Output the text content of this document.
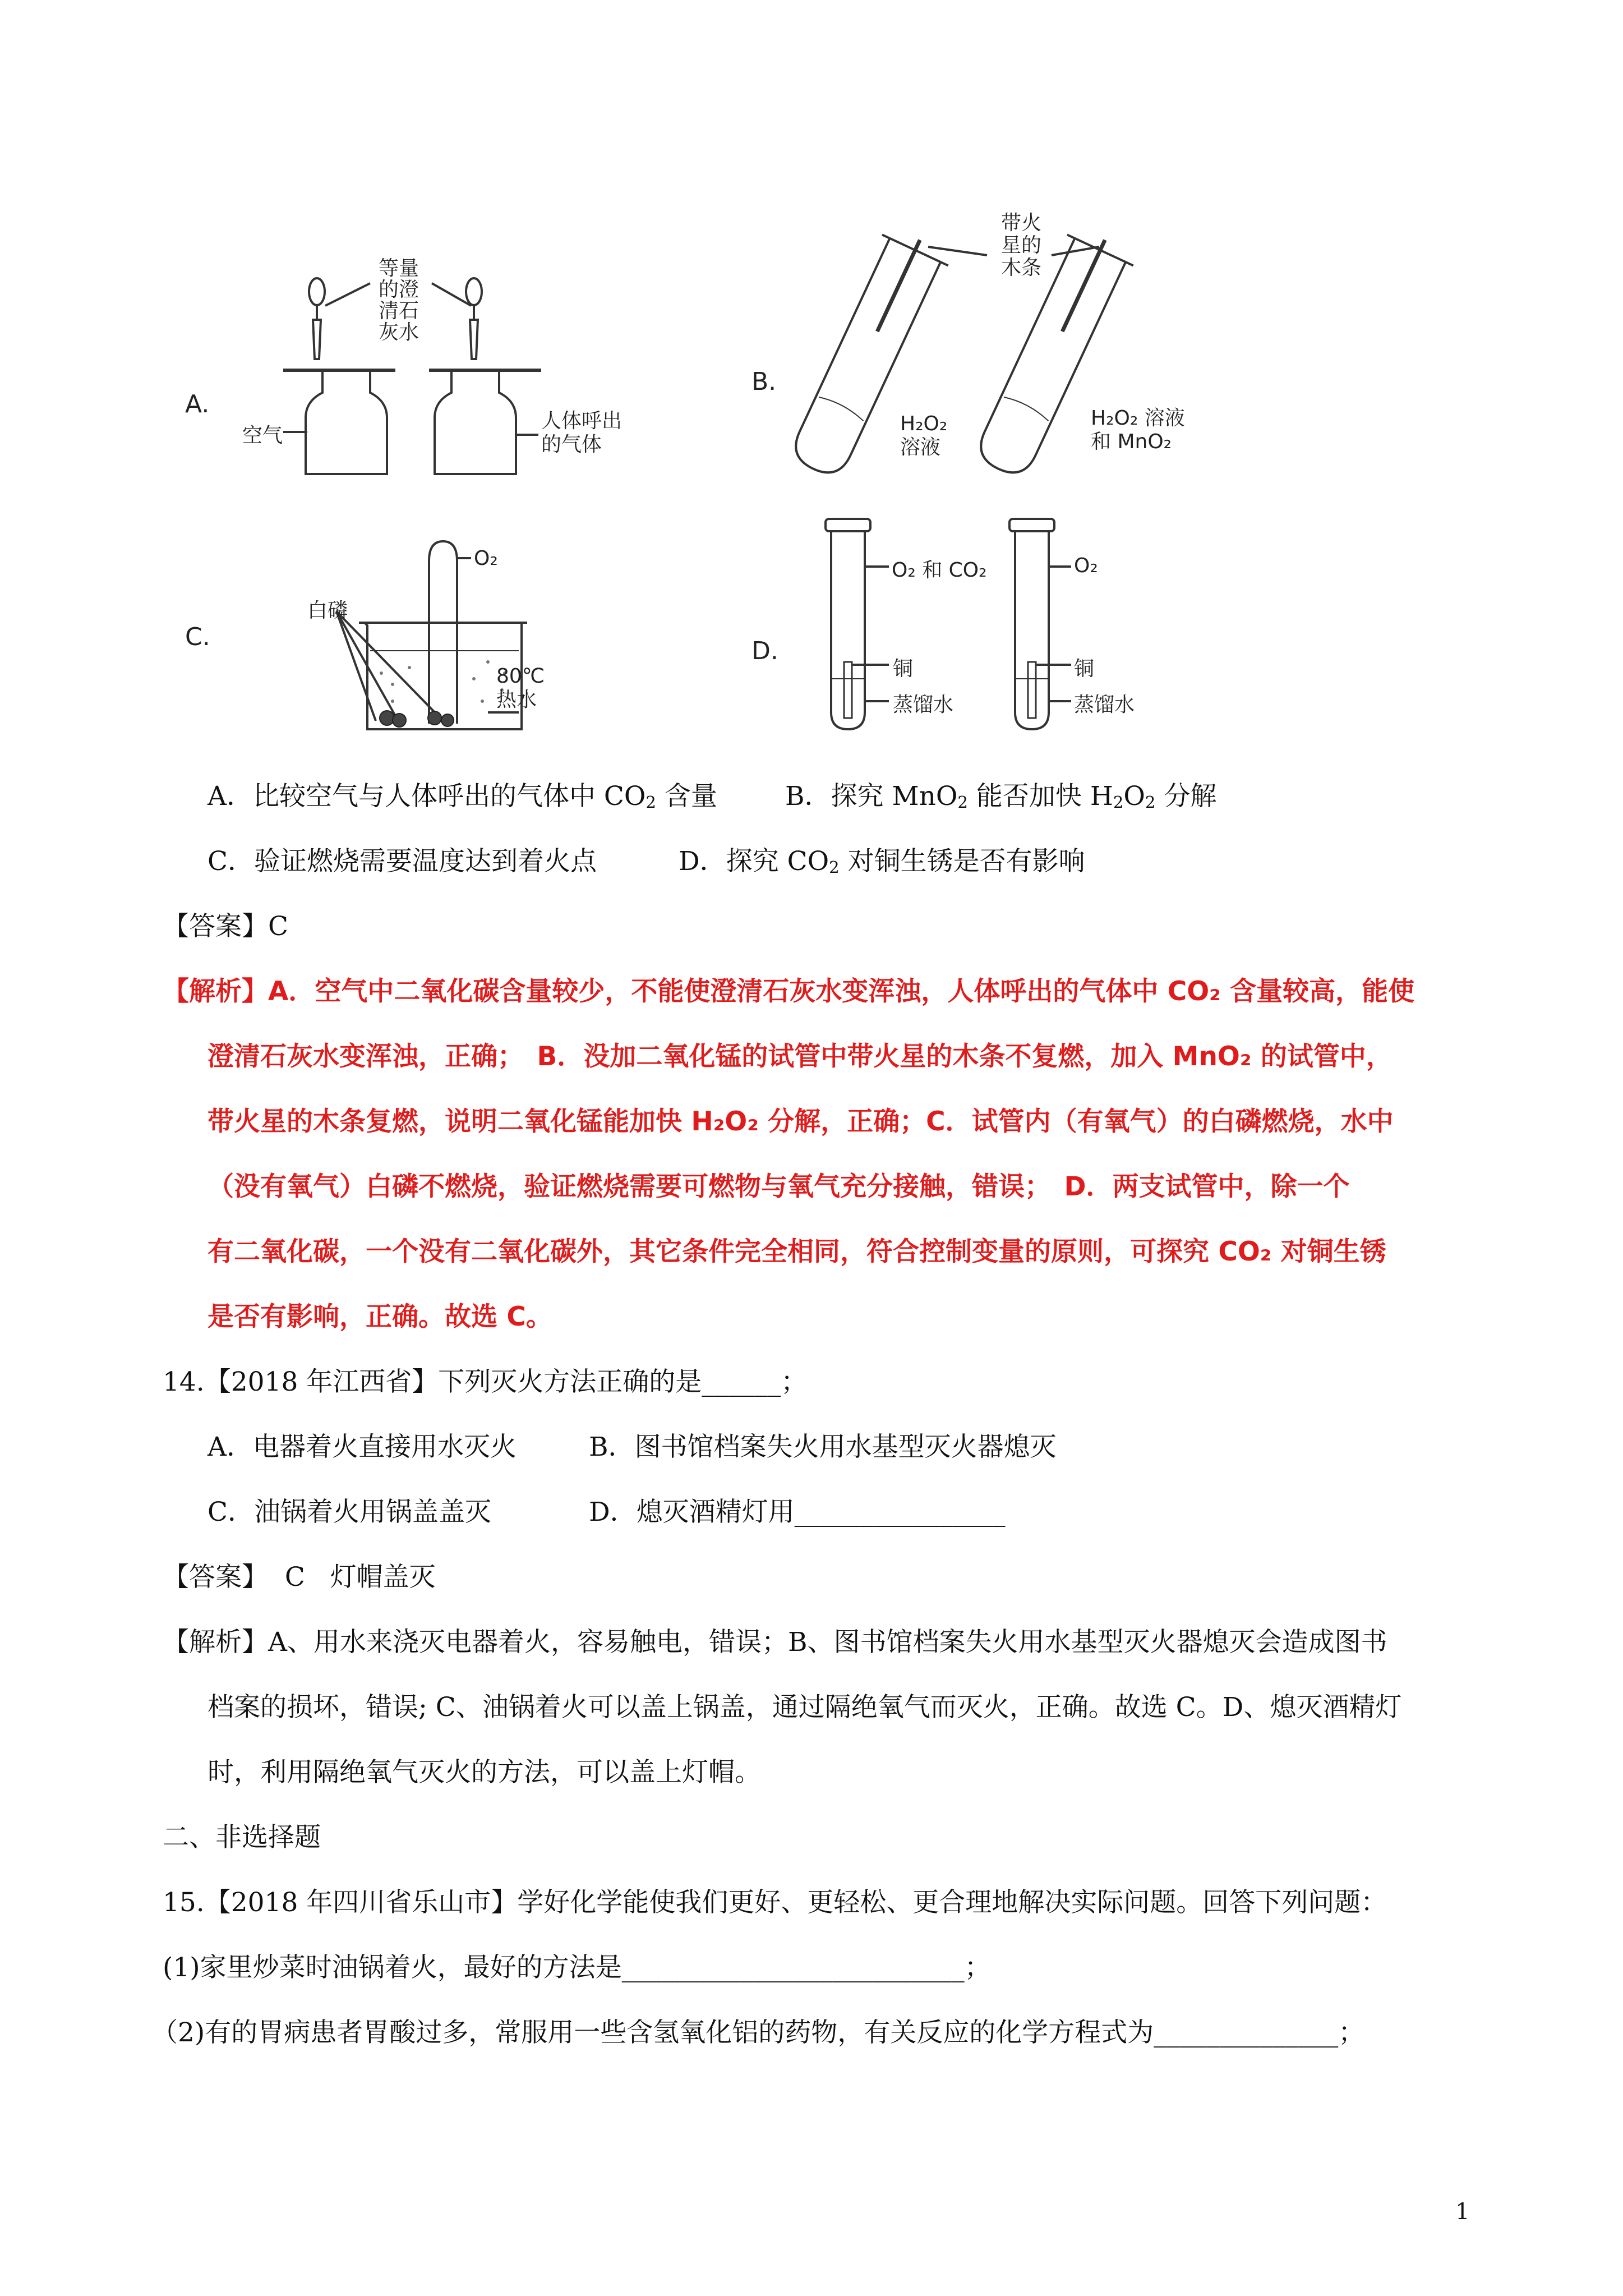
A.
B.
C.	D.
等量
的澄
清石
灰水
空气
人体呼出
的气体
带火
星的
木条
H₂O₂
溶液
H₂O₂ 溶液
和 MnO₂
白磷
O₂
80℃
热水
O₂ 和 CO₂	O₂
铜
蒸馏水
铜
蒸馏水
A．比较空气与人体呼出的气体中 $CO_2$ 含量	B．探究 MnO$_2$ 能否加快 $H_2O_2$ 分解
C．验证燃烧需要温度达到着火点	D．探究 $CO_2$ 对铜生锈是否有影响
【答案】C
【解析】A．空气中二氧化碳含量较少，不能使澄清石灰水变浑浊，人体呼出的气体中 CO₂ 含量较高，能使
澄清石灰水变浑浊，正确；　B．没加二氧化锰的试管中带火星的木条不复燃，加入 MnO₂ 的试管中，
带火星的木条复燃，说明二氧化锰能加快 H₂O₂ 分解，正确；C．试管内（有氧气）的白磷燃烧，水中
（没有氧气）白磷不燃烧，验证燃烧需要可燃物与氧气充分接触，错误；　D．两支试管中，除一个
有二氧化碳，一个没有二氧化碳外，其它条件完全相同，符合控制变量的原则，可探究 CO₂ 对铜生锈
是否有影响，正确。故选 C。
14.【2018 年江西省】下列灭火方法正确的是______；
A．电器着火直接用水灭火	B．图书馆档案失火用水基型灭火器熄灭
C．油锅着火用锅盖盖灭	D．熄灭酒精灯用________________
【答案】  C   灯帽盖灭
【解析】A、用水来浇灭电器着火，容易触电，错误；B、图书馆档案失火用水基型灭火器熄灭会造成图书
档案的损坏，错误; C、油锅着火可以盖上锅盖，通过隔绝氧气而灭火，正确。故选 C。D、熄灭酒精灯
时，利用隔绝氧气灭火的方法，可以盖上灯帽。
二、非选择题
15.【2018 年四川省乐山市】学好化学能使我们更好、更轻松、更合理地解决实际问题。回答下列问题：
(1)家里炒菜时油锅着火，最好的方法是__________________________；
（2)有的胃病患者胃酸过多，常服用一些含氢氧化铝的药物，有关反应的化学方程式为______________；
1
